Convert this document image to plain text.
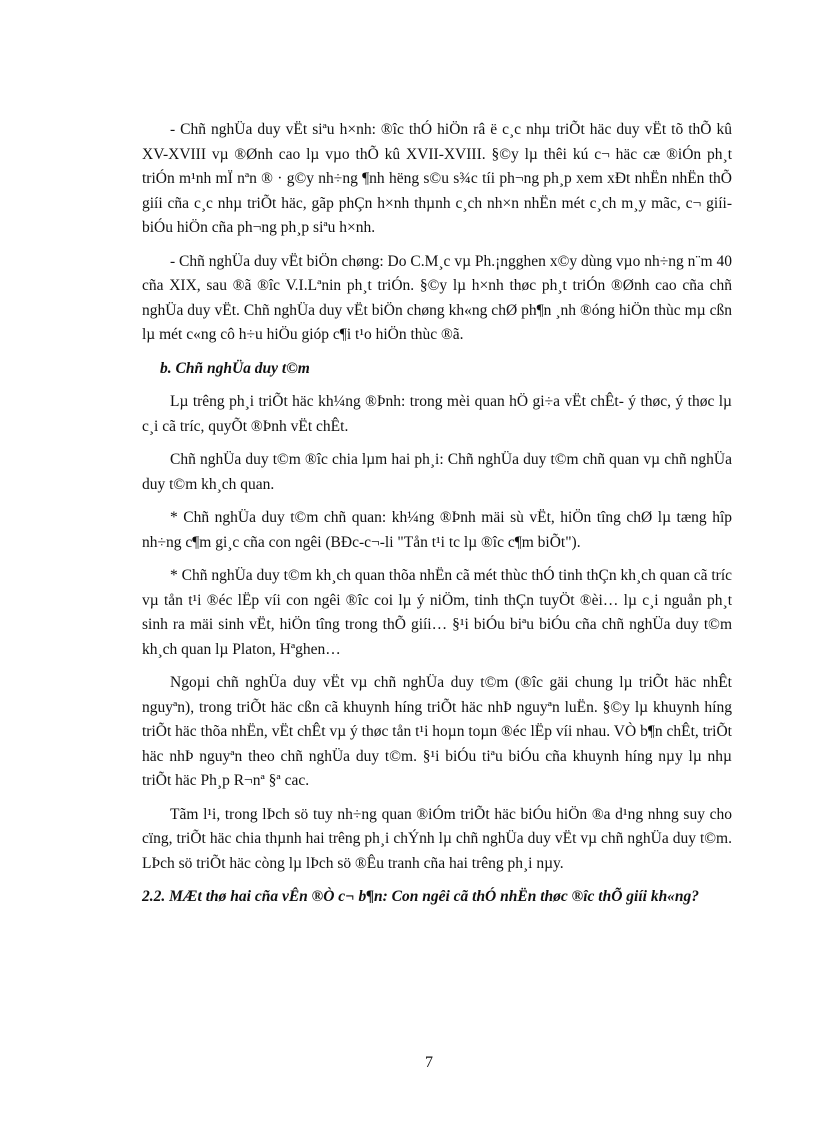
- Chñ nghÜa duy vËt siªu h×nh: ®îc thÓ hiÖn râ ë c¸c nhµ triÕt häc duy vËt tõ thÕ kû XV-XVIII vµ ®Ønh cao lµ vµo thÕ kû XVII-XVIII. §©y lµ thêi kú c¬ häc cæ ®iÓn ph¸t triÓn m¹nh mÏ nªn ® · g©y nh÷ng ¶nh hëng s©u s¾c tíi ph¬ng ph¸p xem xÐt nhËn nhËn thÕ giíi cña c¸c nhµ triÕt häc, gãp phÇn h×nh thµnh c¸ch nh×n nhËn mét c¸ch m¸y mãc, c¬ giíi- biÓu hiÖn cña ph¬ng ph¸p siªu h×nh.

- Chñ nghÜa duy vËt biÖn chøng: Do C.M¸c vµ Ph.¡ngghen x©y dùng vµo nh÷ng n¨m 40 cña XIX, sau ®ã ®îc V.I.Lªnin ph¸t triÓn. §©y lµ h×nh thøc ph¸t triÓn ®Ønh cao cña chñ nghÜa duy vËt. Chñ nghÜa duy vËt biÖn chøng kh«ng chØ ph¶n ¸nh ®óng hiÖn thùc mµ cßn lµ mét c«ng cô h÷u hiÖu gióp c¶i t¹o hiÖn thùc ®ã.

b. Chñ nghÜa duy t©m

Lµ trêng ph¸i triÕt häc kh¼ng ®Þnh: trong mèi quan hÖ gi÷a vËt chÊt- ý thøc, ý thøc lµ c¸i cã tríc, quyÕt ®Þnh vËt chÊt.

Chñ nghÜa duy t©m ®îc chia lµm hai ph¸i: Chñ nghÜa duy t©m chñ quan vµ chñ nghÜa duy t©m kh¸ch quan.

* Chñ nghÜa duy t©m chñ quan: kh¼ng ®Þnh mäi sù vËt, hiÖn tîng chØ lµ tæng hîp nh÷ng c¶m gi¸c cña con ngêi (BÐc-c¬-li "Tån t¹i tc lµ ®îc c¶m biÕt").

* Chñ nghÜa duy t©m kh¸ch quan thõa nhËn cã mét thùc thÓ tinh thÇn kh¸ch quan cã tríc vµ tån t¹i ®éc lËp víi con ngêi ®îc coi lµ ý niÖm, tinh thÇn tuyÖt ®èi… lµ c¸i nguån ph¸t sinh ra mäi sinh vËt, hiÖn tîng trong thÕ giíi… §¹i biÓu biªu biÓu cña chñ nghÜa duy t©m kh¸ch quan lµ Platon, Hªghen…

Ngoµi chñ nghÜa duy vËt vµ chñ nghÜa duy t©m (®îc gäi chung lµ triÕt häc nhÊt nguyªn), trong triÕt häc cßn cã khuynh híng triÕt häc nhÞ nguyªn luËn. §©y lµ khuynh híng triÕt häc thõa nhËn, vËt chÊt vµ ý thøc tån t¹i hoµn toµn ®éc lËp víi nhau. VÒ b¶n chÊt, triÕt häc nhÞ nguyªn theo chñ nghÜa duy t©m. §¹i biÓu tiªu biÓu cña khuynh híng nµy lµ nhµ triÕt häc Ph¸p R¬nª §ª cac.

Tãm l¹i, trong lÞch sö tuy nh÷ng quan ®iÓm triÕt häc biÓu hiÖn ®a d¹ng nhng suy cho cïng, triÕt häc chia thµnh hai trêng ph¸i chÝnh lµ chñ nghÜa duy vËt vµ chñ nghÜa duy t©m. LÞch sö triÕt häc còng lµ lÞch sö ®Êu tranh cña hai trêng ph¸i nµy.

2.2. MÆt thø hai cña vÊn ®Ò c¬ b¶n: Con ngêi cã thÓ nhËn thøc ®îc thÕ giíi kh«ng?

7
